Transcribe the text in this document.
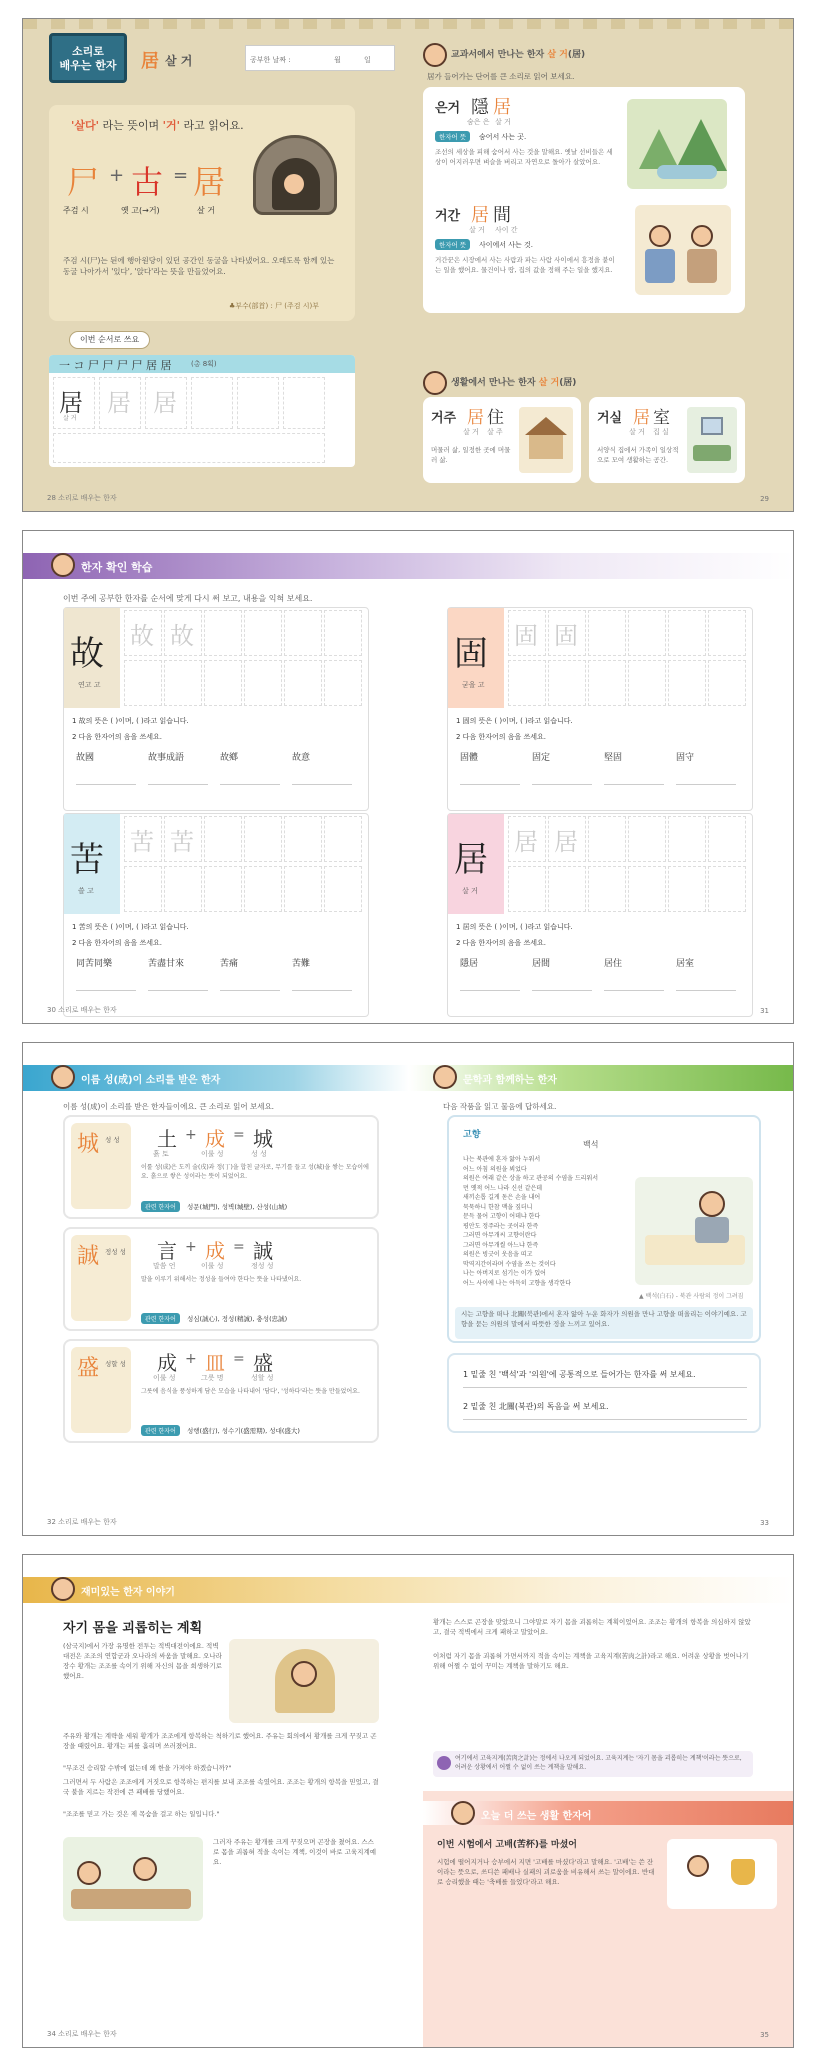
소리로
배우는 한자	居 살 거	공부한 날짜 :	월	일
'살다' 라는 뜻이며 '거' 라고 읽어요.
尸 + 古 = 居
주검 시	옛 고(→거)	살 거
주검 시(尸)는 된에 행아원당이 있던 공간인 동굴을 나타냈어요. 오래도록 함께 있는 동굴 나아가서 '있다', '앉다'라는 뜻을 만들었어요.
♣부수(部首) : 尸 (주검 시)부
이번 순서로 쓰요
一 コ 尸 尸 尸 尸 居 居	(총 8획)
居
살 거
居 居
교과서에서 만나는 한자 살 거(居)
居가 들어가는 단어를 큰 소리로 읽어 보세요.
은거 隱 居
숨은 은 살 거
한자어 뜻	숨어서 사는 곳.
조선의 세상을 피해 숨어서 사는 것을 말해요. 옛날 선비들은 세상이 어지러우면 벼슬을 버리고 자연으로 돌아가 살았어요.
거간 居 間
살 거 사이 간
한자어 뜻	사이에서 사는 것.
거간꾼은 시장에서 사는 사람과 파는 사람 사이에서 흥정을 붙이는 일을 했어요. 물건이나 땅, 집의 값을 정해 주는 일을 했지요.
생활에서 만나는 한자 살 거(居)
거주 居 住
살 거 살 주
머물러 삶, 일정한 곳에 머물러 삶.
거실 居 室
살 거 집 실
서양식 집에서 가족이 일상적으로 모여 생활하는 공간.
28 소리로 배우는 한자	29
한자 확인 학습
이번 주에 공부한 한자를 순서에 맞게 다시 써 보고, 내용을 익혀 보세요.
故
연고 고
故 故
1 故의 뜻은 ( )이며, ( )라고 읽습니다.
2 다음 한자어의 음을 쓰세요.
故國	故事成語	故鄕	故意
固
굳을 고
固 固
1 固의 뜻은 ( )이며, ( )라고 읽습니다.
2 다음 한자어의 음을 쓰세요.
固體	固定	堅固	固守
苦
쓸 고
苦 苦
1 苦의 뜻은 ( )이며, ( )라고 읽습니다.
2 다음 한자어의 음을 쓰세요.
同苦同樂	苦盡甘來	苦痛	苦難
居
살 거
居 居
1 居의 뜻은 ( )이며, ( )라고 읽습니다.
2 다음 한자어의 음을 쓰세요.
隱居	居間	居住	居室
30 소리로 배우는 한자	31
이름 성(成)이 소리를 받은 한자	문학과 함께하는 한자
이름 성(成)이 소리를 받은 한자들이에요. 큰 소리로 읽어 보세요.	다음 작품을 읽고 물음에 답하세요.
城 성 성 土 + 成 = 城
흙 토	이룰 성	성 성
이룰 성(成)은 도끼 술(戌)과 정(丁)을 합친 글자로, 무기를 들고 성(城)을 쌓는 모습이에요. 흙으로 쌓은 성이라는 뜻이 되었어요.
관련 한자어	성문(城門), 성벽(城壁), 산성(山城)
誠 정성 성 言 + 成 = 誠
말씀 언	이룰 성	정성 성
말을 이루기 위해서는 정성을 들여야 한다는 뜻을 나타냈어요.
관련 한자어	성심(誠心), 정성(精誠), 충성(忠誠)
盛 성할 성 成 + 皿 = 盛
이룰 성	그릇 명	성할 성
그릇에 음식을 풍성하게 담은 모습을 나타내어 '담다', '성하다'라는 뜻을 만들었어요.
관련 한자어	성행(盛行), 성수기(盛需期), 성대(盛大)
고향
백석
나는 북관에 혼자 앓아 누워서
어느 아침 의원을 뵈었다
의원은 여래 같은 상을 하고 관공의 수염을 드리워서
먼 옛적 어느 나라 신선 같은데
새끼손톱 길게 돋은 손을 내어
묵묵하니 한참 맥을 짚더니
문득 물어 고향이 어데냐 한다
평안도 정주라는 곳이라 한즉
그러면 아무개씨 고향이란다
그러면 아무개씰 아느냐 한즉
의원은 빙긋이 웃음을 띠고
막역지간이라며 수염을 쓰는 것이다
나는 아버지로 섬기는 이가 있어
어느 사이에 나는 아득히 고향을 생각한다
▲ 백석(白石) - 북관 사람의 정이 그려짐
시는 고향을 떠나 北關(북관)에서 혼자 앓아 누운 화자가 의원을 만나 고향을 떠올리는 이야기예요. 고향을 묻는 의원의 말에서 따뜻한 정을 느끼고 있어요.
1 밑줄 친 '백석'과 '의원'에 공통적으로 들어가는 한자를 써 보세요.
2 밑줄 친 北關(북관)의 독음을 써 보세요.
32 소리로 배우는 한자	33
재미있는 한자 이야기
자기 몸을 괴롭히는 계획
(삼국지)에서 가장 유명한 전투는 적벽대전이에요. 적벽 대전은 조조의 연합군과 오나라의 싸움을 말해요. 오나라 장수 황개는 조조를 속이기 위해 자신의 몸을 희생하기로 했어요.
주유와 황개는 계략을 세워 황개가 조조에게 항복하는 척하기로 했어요. 주유는 회의에서 황개를 크게 꾸짖고 곤장을 때렸어요. 황개는 피를 흘리며 쓰러졌어요.
"무조건 승리할 수밖에 없는데 왜 한을 가져야 하겠습니까?"
그러면서 두 사람은 조조에게 거짓으로 항복하는 편지를 보내 조조를 속였어요. 조조는 황개의 항복을 믿었고, 결국 불을 지르는 작전에 큰 패배를 당했어요.
"조조를 믿고 가는 것은 제 목숨을 걸고 하는 일입니다."
그러자 주유는 황개를 크게 꾸짖으며 곤장을 쳤어요. 스스로 몸을 괴롭혀 적을 속이는 계책, 이것이 바로 고육지계예요.
황개는 스스로 곤장을 맞았으니 그야말로 자기 몸을 괴롭히는 계획이었어요. 조조는 황개의 항복을 의심하지 않았고, 결국 적벽에서 크게 패하고 말았어요.
이처럼 자기 몸을 괴롭혀 가면서까지 적을 속이는 계책을 고육지계(苦肉之計)라고 해요. 어려운 상황을 벗어나기 위해 어쩔 수 없이 꾸미는 계책을 말하기도 해요.
여기에서 고육지계(苦肉之計)는 정에서 나오게 되었어요. 고육지계는 '자기 몸을 괴롭히는 계책'이라는 뜻으로, 어려운 상황에서 어쩔 수 없이 쓰는 계책을 말해요.
오늘 더 쓰는 생활 한자어
이번 시험에서 고배(苦杯)를 마셨어
시험에 떨어지거나 승부에서 지면 '고배를 마셨다'라고 말해요. '고배'는 쓴 잔이라는 뜻으로, 쓰디쓴 패배나 실패의 괴로움을 비유해서 쓰는 말이에요. 반대로 승리했을 때는 '축배를 들었다'라고 해요.
34 소리로 배우는 한자	35
